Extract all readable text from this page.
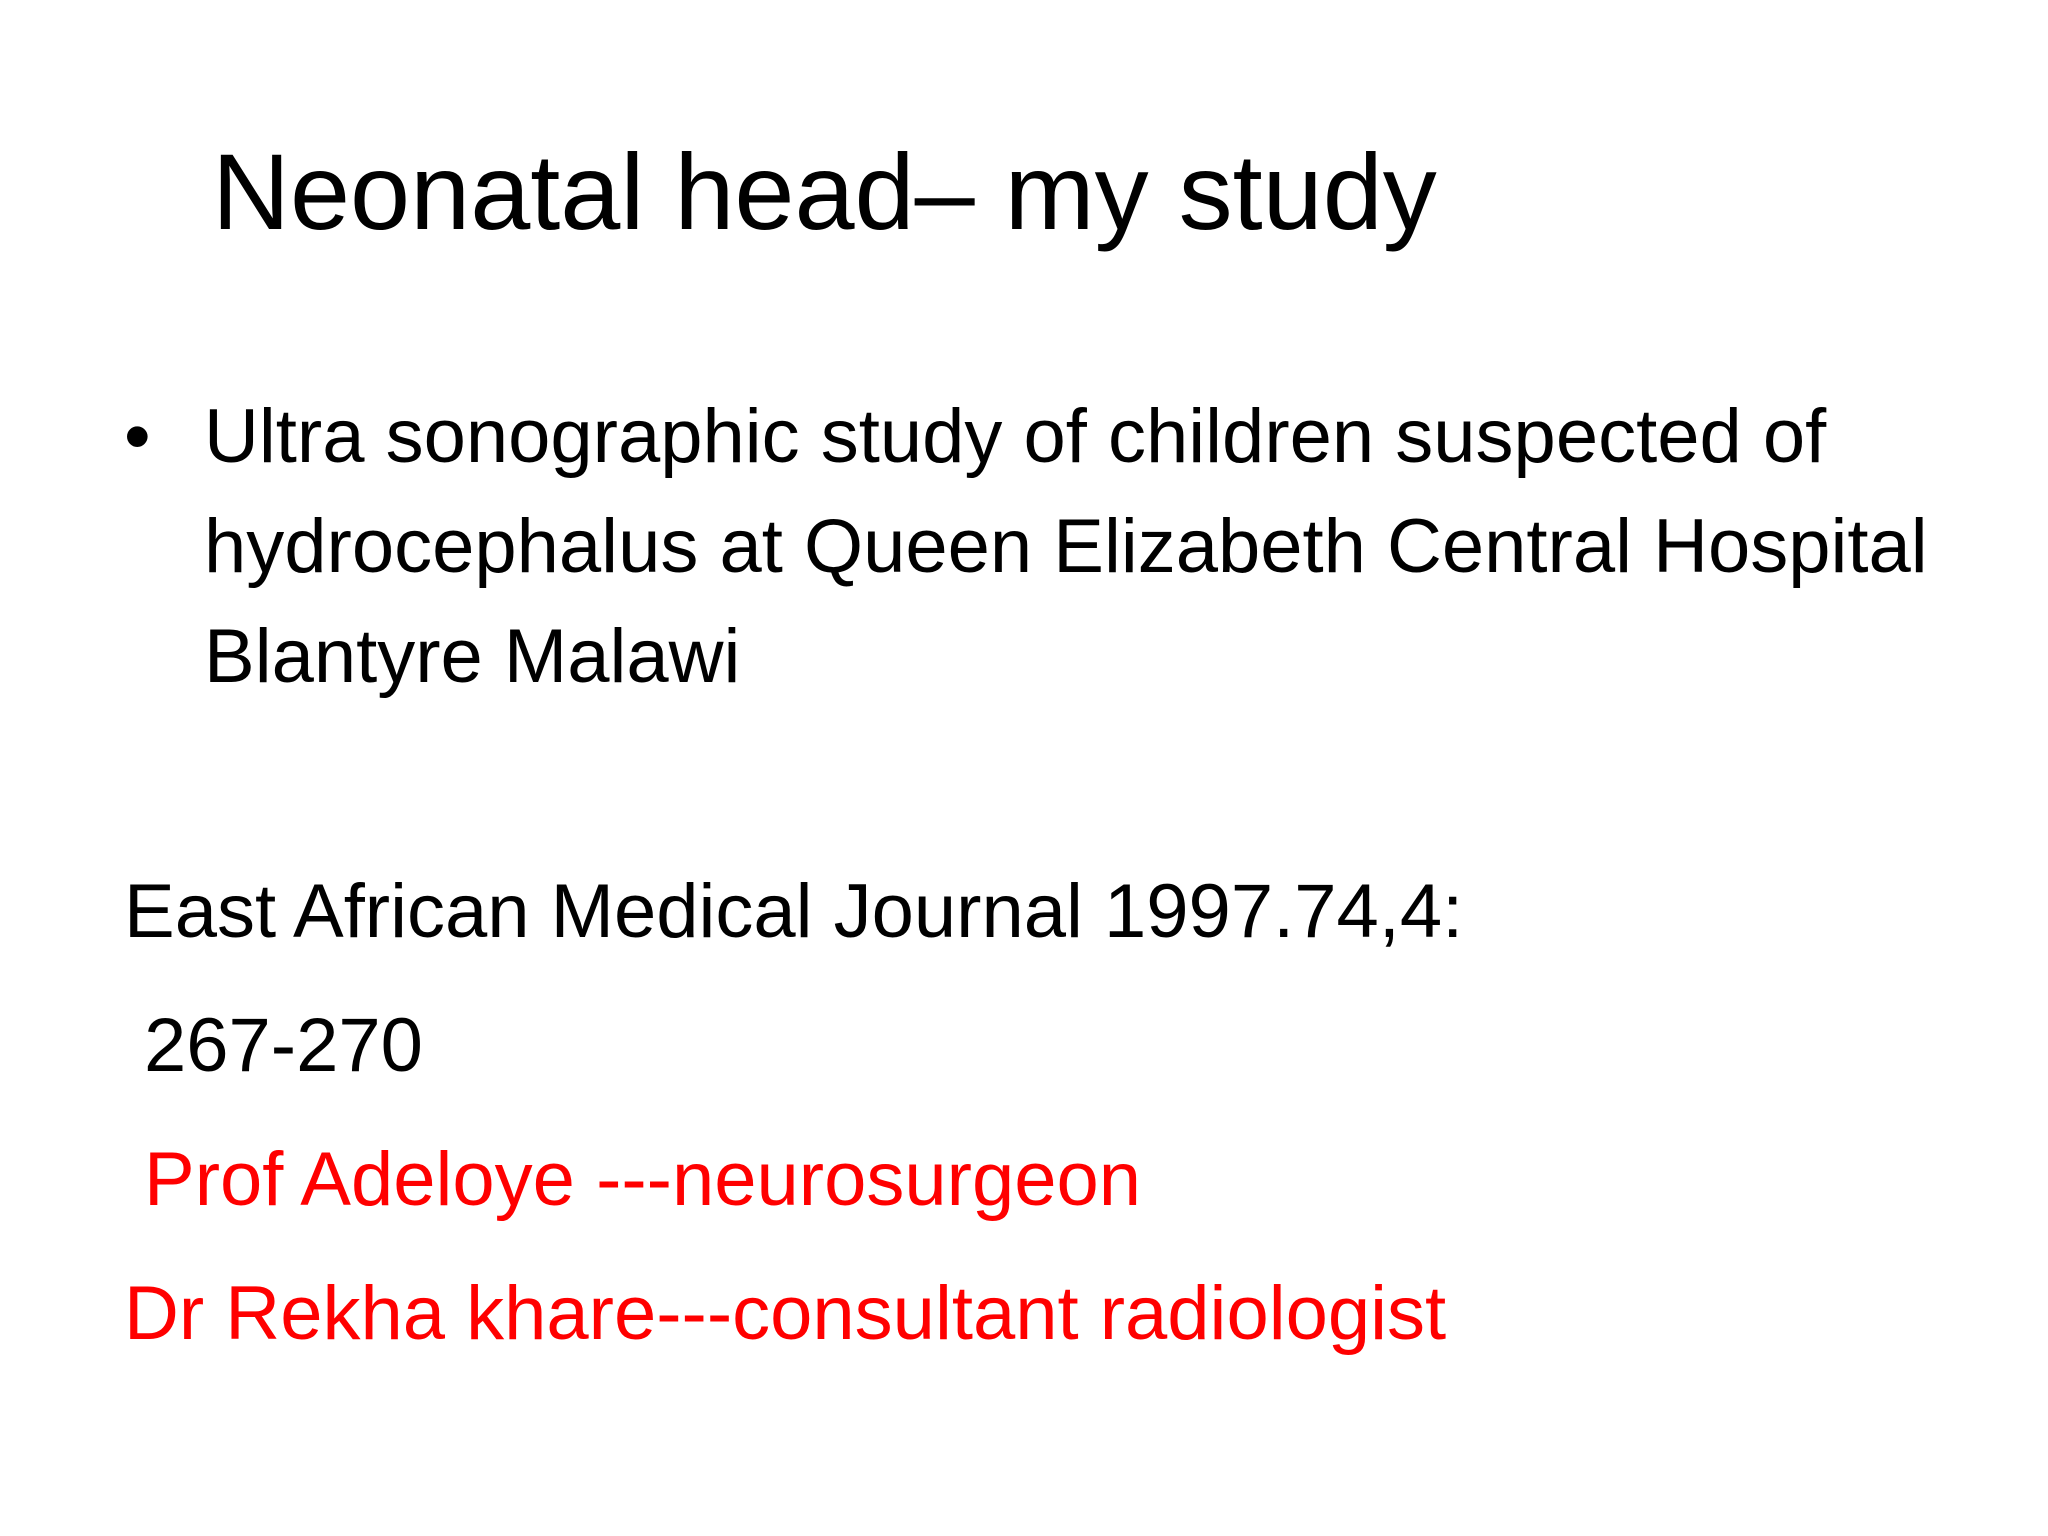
Neonatal head– my study
• Ultra sonographic study of children suspected of hydrocephalus at Queen Elizabeth Central Hospital Blantyre Malawi
East African Medical Journal 1997.74,4:
267-270
Prof Adeloye ---neurosurgeon
Dr Rekha khare---consultant radiologist
